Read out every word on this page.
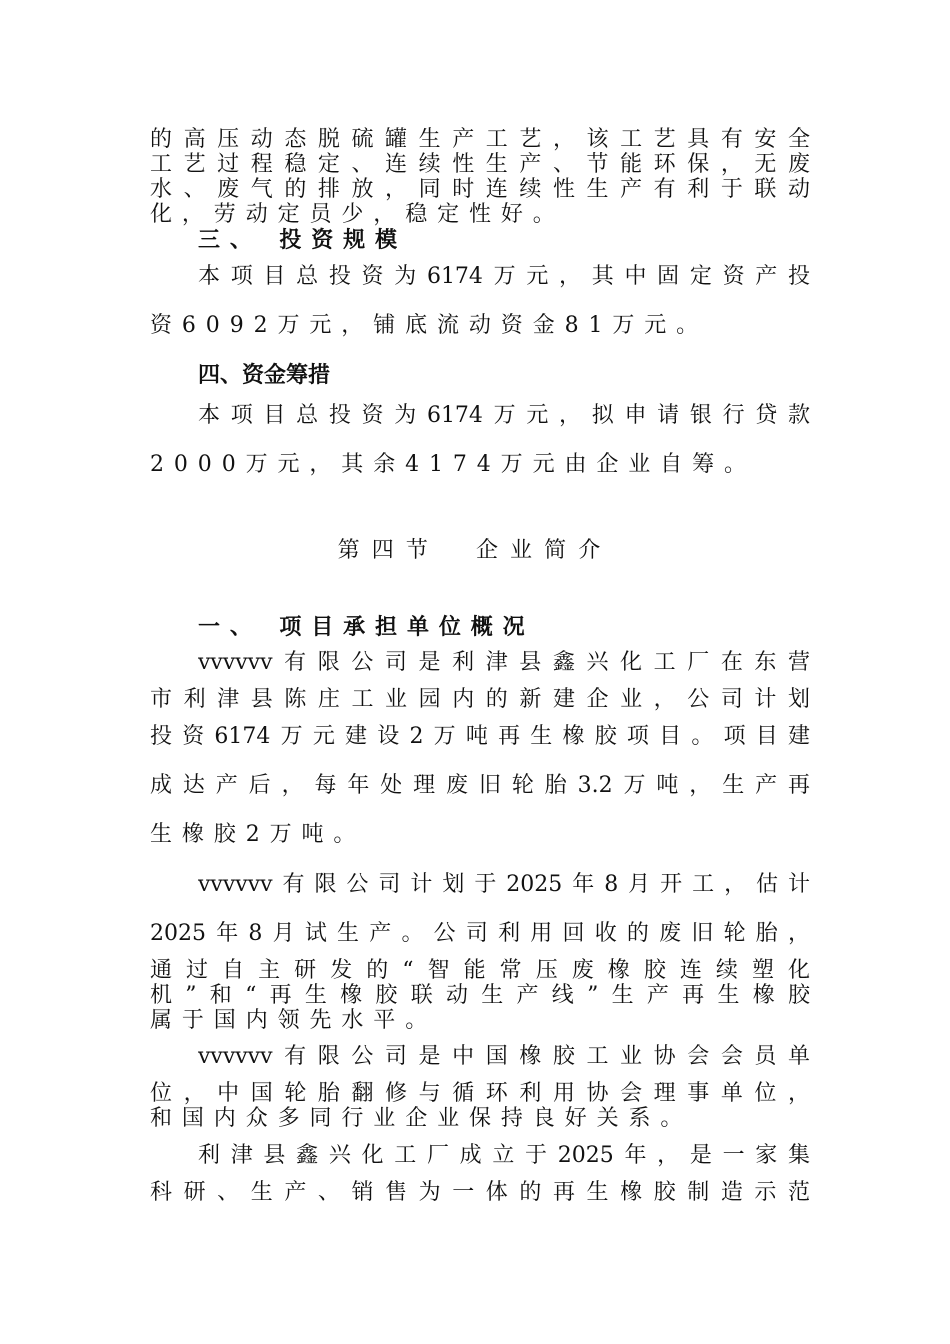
的高压动态脱硫罐生产工艺，该工艺具有安全
工艺过程稳定、连续性生产、节能环保，无废
水、废气的排放，同时连续性生产有利于联动
化，劳动定员少，稳定性好。
三、 投资规模
本项目总投资为6174万元，其中固定资产投
资6092万元，铺底流动资金81万元。
四、资金筹措
本项目总投资为6174万元，拟申请银行贷款
2000万元，其余4174万元由企业自筹。
第四节 企业简介
一、 项目承担单位概况
vvvvvv有限公司是利津县鑫兴化工厂在东营
市利津县陈庄工业园内的新建企业，公司计划
投资6174万元建设2万吨再生橡胶项目。项目建
成达产后，每年处理废旧轮胎3.2万吨，生产再
生橡胶2万吨。
vvvvvv有限公司计划于2025年8月开工，估计
2025年8月试生产。公司利用回收的废旧轮胎，
通过自主研发的“智能常压废橡胶连续塑化
机”和“再生橡胶联动生产线”生产再生橡胶
属于国内领先水平。
vvvvvv有限公司是中国橡胶工业协会会员单
位，中国轮胎翻修与循环利用协会理事单位，
和国内众多同行业企业保持良好关系。
利津县鑫兴化工厂成立于2025年，是一家集
科研、生产、销售为一体的再生橡胶制造示范
